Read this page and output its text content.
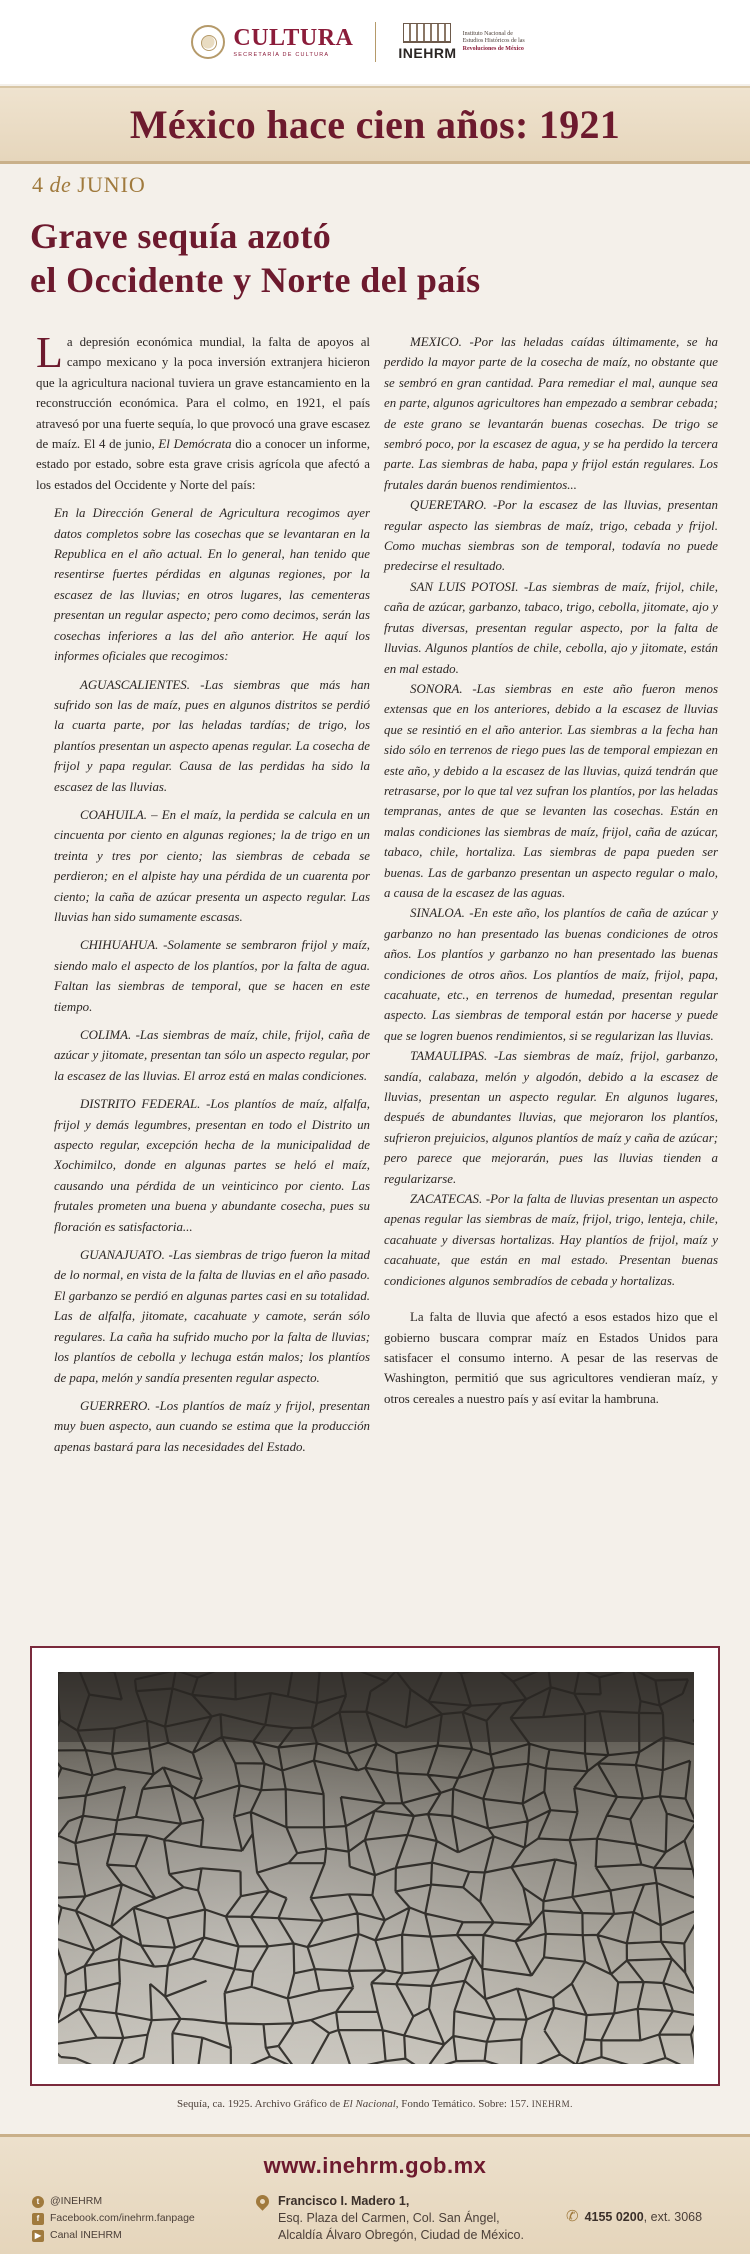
CULTURA
SECRETARÍA DE CULTURA	INEHRM
Instituto Nacional de
Estudios Históricos de las
Revoluciones de México
México hace cien años: 1921
4 de JUNIO
Grave sequía azotó
el Occidente y Norte del país

La depresión económica mundial, la falta de apoyos al campo mexicano y la poca inversión extranjera hicieron que la agricultura nacional tuviera un grave estancamiento en la reconstrucción económica. Para el colmo, en 1921, el país atravesó por una fuerte sequía, lo que provocó una grave escasez de maíz. El 4 de junio, El Demócrata dio a conocer un informe, estado por estado, sobre esta grave crisis agrícola que afectó a los estados del Occidente y Norte del país:

En la Dirección General de Agricultura recogimos ayer datos completos sobre las cosechas que se levantaran en la Republica en el año actual. En lo general, han tenido que resentirse fuertes pérdidas en algunas regiones, por la escasez de las lluvias; en otros lugares, las cementeras presentan un regular aspecto; pero como decimos, serán las cosechas inferiores a las del año anterior. He aquí los informes oficiales que recogimos:

AGUASCALIENTES. -Las siembras que más han sufrido son las de maíz, pues en algunos distritos se perdió la cuarta parte, por las heladas tardías; de trigo, los plantíos presentan un aspecto apenas regular. La cosecha de frijol y papa regular. Causa de las perdidas ha sido la escasez de las lluvias.

COAHUILA. – En el maíz, la perdida se calcula en un cincuenta por ciento en algunas regiones; la de trigo en un treinta y tres por ciento; las siembras de cebada se perdieron; en el alpiste hay una pérdida de un cuarenta por ciento; la caña de azúcar presenta un aspecto regular. Las lluvias han sido sumamente escasas.

CHIHUAHUA. -Solamente se sembraron frijol y maíz, siendo malo el aspecto de los plantíos, por la falta de agua. Faltan las siembras de temporal, que se hacen en este tiempo.

COLIMA. -Las siembras de maíz, chile, frijol, caña de azúcar y jitomate, presentan tan sólo un aspecto regular, por la escasez de las lluvias. El arroz está en malas condiciones.

DISTRITO FEDERAL. -Los plantíos de maíz, alfalfa, frijol y demás legumbres, presentan en todo el Distrito un aspecto regular, excepción hecha de la municipalidad de Xochimilco, donde en algunas partes se heló el maíz, causando una pérdida de un veinticinco por ciento. Las frutales prometen una buena y abundante cosecha, pues su floración es satisfactoria...

GUANAJUATO. -Las siembras de trigo fueron la mitad de lo normal, en vista de la falta de lluvias en el año pasado. El garbanzo se perdió en algunas partes casi en su totalidad. Las de alfalfa, jitomate, cacahuate y camote, serán sólo regulares. La caña ha sufrido mucho por la falta de lluvias; los plantíos de cebolla y lechuga están malos; los plantíos de papa, melón y sandía presenten regular aspecto.

GUERRERO. -Los plantíos de maíz y frijol, presentan muy buen aspecto, aun cuando se estima que la producción apenas bastará para las necesidades del Estado.

MEXICO. -Por las heladas caídas últimamente, se ha perdido la mayor parte de la cosecha de maíz, no obstante que se sembró en gran cantidad. Para remediar el mal, aunque sea en parte, algunos agricultores han empezado a sembrar cebada; de este grano se levantarán buenas cosechas. De trigo se sembró poco, por la escasez de agua, y se ha perdido la tercera parte. Las siembras de haba, papa y frijol están regulares. Los frutales darán buenos rendimientos...

QUERETARO. -Por la escasez de las lluvias, presentan regular aspecto las siembras de maíz, trigo, cebada y frijol. Como muchas siembras son de temporal, todavía no puede predecirse el resultado.

SAN LUIS POTOSI. -Las siembras de maíz, frijol, chile, caña de azúcar, garbanzo, tabaco, trigo, cebolla, jitomate, ajo y frutas diversas, presentan regular aspecto, por la falta de lluvias. Algunos plantíos de chile, cebolla, ajo y jitomate, están en mal estado.

SONORA. -Las siembras en este año fueron menos extensas que en los anteriores, debido a la escasez de lluvias que se resintió en el año anterior. Las siembras a la fecha han sido sólo en terrenos de riego pues las de temporal empiezan en este año, y debido a la escasez de las lluvias, quizá tendrán que retrasarse, por lo que tal vez sufran los plantíos, por las heladas tempranas, antes de que se levanten las cosechas. Están en malas condiciones las siembras de maíz, frijol, caña de azúcar, tabaco, chile, hortaliza. Las siembras de papa pueden ser buenas. Las de garbanzo presentan un aspecto regular o malo, a causa de la escasez de las aguas.

SINALOA. -En este año, los plantíos de caña de azúcar y garbanzo no han presentado las buenas condiciones de otros años. Los plantíos y garbanzo no han presentado las buenas condiciones de otros años. Los plantíos de maíz, frijol, papa, cacahuate, etc., en terrenos de humedad, presentan regular aspecto. Las siembras de temporal están por hacerse y puede que se logren buenos rendimientos, si se regularizan las lluvias.

TAMAULIPAS. -Las siembras de maíz, frijol, garbanzo, sandía, calabaza, melón y algodón, debido a la escasez de lluvias, presentan un aspecto regular. En algunos lugares, después de abundantes lluvias, que mejoraron los plantíos, sufrieron prejuicios, algunos plantíos de maíz y caña de azúcar; pero parece que mejorarán, pues las lluvias tienden a regularizarse.

ZACATECAS. -Por la falta de lluvias presentan un aspecto apenas regular las siembras de maíz, frijol, trigo, lenteja, chile, cacahuate y diversas hortalizas. Hay plantíos de frijol, maíz y cacahuate, que están en mal estado. Presentan buenas condiciones algunos sembradíos de cebada y hortalizas.

La falta de lluvia que afectó a esos estados hizo que el gobierno buscara comprar maíz en Estados Unidos para satisfacer el consumo interno. A pesar de las reservas de Washington, permitió que sus agricultores vendieran maíz, y otros cereales a nuestro país y así evitar la hambruna.

Sequía, ca. 1925. Archivo Gráfico de El Nacional, Fondo Temático. Sobre: 157. INEHRM.
www.inehrm.gob.mx
t	@INEHRM
f	Facebook.com/inehrm.fanpage
▶ Canal INEHRM
Francisco I. Madero 1,
Esq. Plaza del Carmen, Col. San Ángel,
Alcaldía Álvaro Obregón, Ciudad de México.
✆ 4155 0200, ext. 3068
